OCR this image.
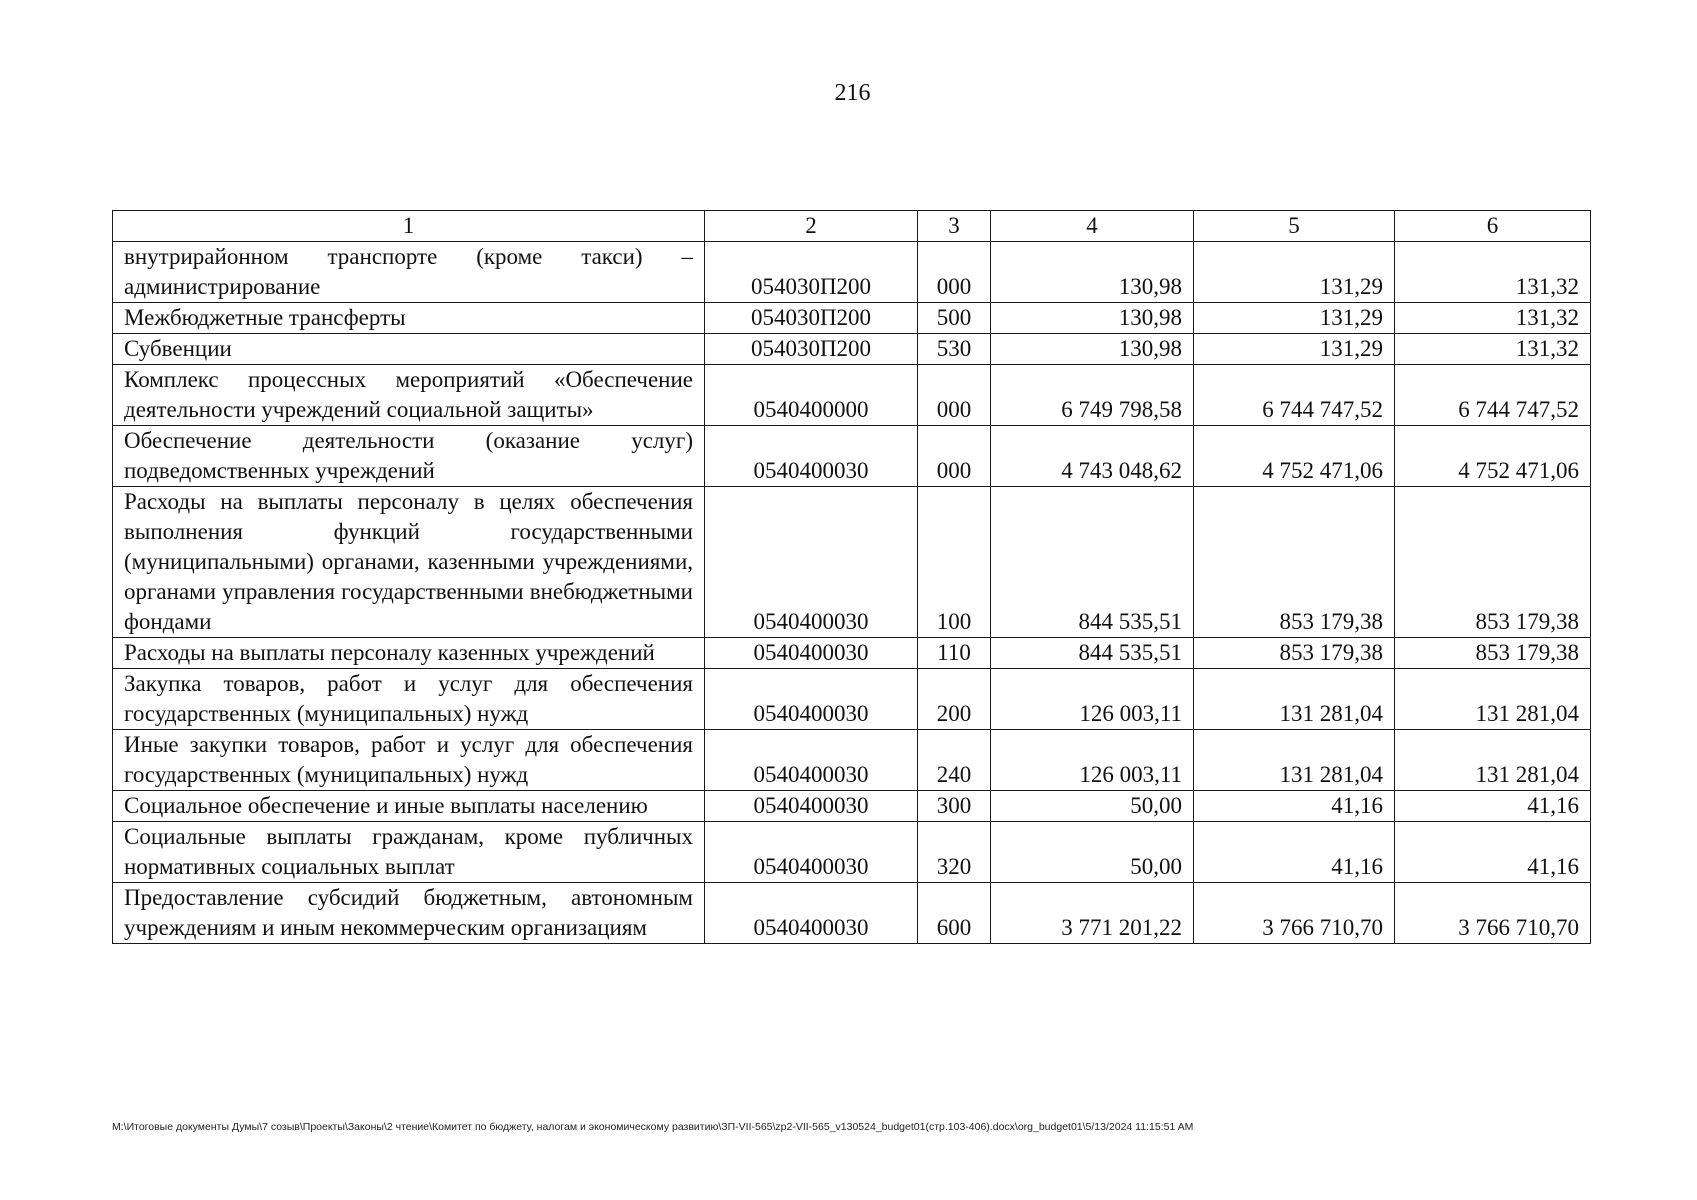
216
1	2	3	4	5	6
внутрирайонном транспорте (кроме такси) – администрирование	054030П200	000	130,98	131,29	131,32
Межбюджетные трансферты	054030П200	500	130,98	131,29	131,32
Субвенции	054030П200	530	130,98	131,29	131,32
Комплекс процессных мероприятий «Обеспечение деятельности учреждений социальной защиты»	0540400000	000	6 749 798,58	6 744 747,52	6 744 747,52
Обеспечение деятельности (оказание услуг) подведомственных учреждений	0540400030	000	4 743 048,62	4 752 471,06	4 752 471,06
Расходы на выплаты персоналу в целях обеспечения выполнения функций государственными (муниципальными) органами, казенными учреждениями, органами управления государственными внебюджетными фондами	0540400030	100	844 535,51	853 179,38	853 179,38
Расходы на выплаты персоналу казенных учреждений	0540400030	110	844 535,51	853 179,38	853 179,38
Закупка товаров, работ и услуг для обеспечения государственных (муниципальных) нужд	0540400030	200	126 003,11	131 281,04	131 281,04
Иные закупки товаров, работ и услуг для обеспечения государственных (муниципальных) нужд	0540400030	240	126 003,11	131 281,04	131 281,04
Социальное обеспечение и иные выплаты населению	0540400030	300	50,00	41,16	41,16
Социальные выплаты гражданам, кроме публичных нормативных социальных выплат	0540400030	320	50,00	41,16	41,16
Предоставление субсидий бюджетным, автономным учреждениям и иным некоммерческим организациям	0540400030	600	3 771 201,22	3 766 710,70	3 766 710,70
M:\Итоговые документы Думы\7 созыв\Проекты\Законы\2 чтение\Комитет по бюджету, налогам и экономическому развитию\ЗП-VII-565\zp2-VII-565_v130524_budget01(стр.103-406).docx\org_budget01\5/13/2024 11:15:51 AM
